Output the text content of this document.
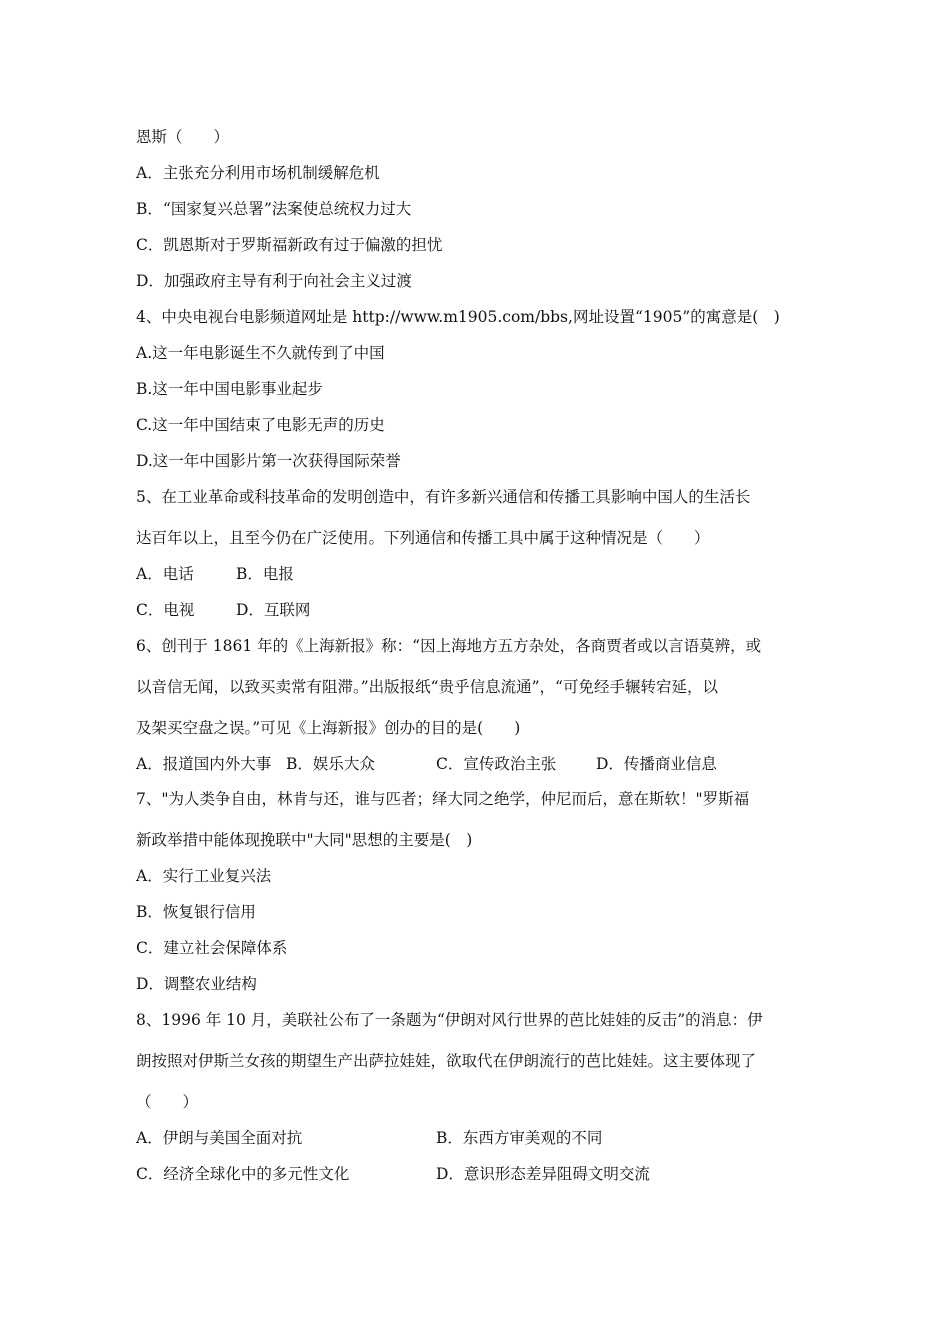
恩斯（　　）
A．主张充分利用市场机制缓解危机
B．“国家复兴总署”法案使总统权力过大
C．凯恩斯对于罗斯福新政有过于偏激的担忧
D．加强政府主导有利于向社会主义过渡
4、中央电视台电影频道网址是 http://www.m1905.com/bbs,网址设置“1905”的寓意是(　)
A.这一年电影诞生不久就传到了中国
B.这一年中国电影事业起步
C.这一年中国结束了电影无声的历史
D.这一年中国影片第一次获得国际荣誉
5、在工业革命或科技革命的发明创造中，有许多新兴通信和传播工具影响中国人的生活长
达百年以上，且至今仍在广泛使用。下列通信和传播工具中属于这种情况是（　　）
A．电话	B．电报
C．电视	D．互联网
6、创刊于 1861 年的《上海新报》称：“因上海地方五方杂处，各商贾者或以言语莫辨，或
以音信无闻，以致买卖常有阻滞。”出版报纸“贵乎信息流通”，“可免经手辗转宕延，以
及架买空盘之误。”可见《上海新报》创办的目的是(　　)
A．报道国内外大事 B．娱乐大众	C．宣传政治主张	D．传播商业信息
7、"为人类争自由，林肯与还，谁与匹者；绎大同之绝学，仲尼而后，意在斯软！"罗斯福
新政举措中能体现挽联中"大同"思想的主要是(　)
A．实行工业复兴法
B．恢复银行信用
C．建立社会保障体系
D．调整农业结构
8、1996 年 10 月，美联社公布了一条题为“伊朗对风行世界的芭比娃娃的反击”的消息：伊
朗按照对伊斯兰女孩的期望生产出萨拉娃娃，欲取代在伊朗流行的芭比娃娃。这主要体现了
（　　）
A．伊朗与美国全面对抗	B．东西方审美观的不同
C．经济全球化中的多元性文化	D．意识形态差异阻碍文明交流
